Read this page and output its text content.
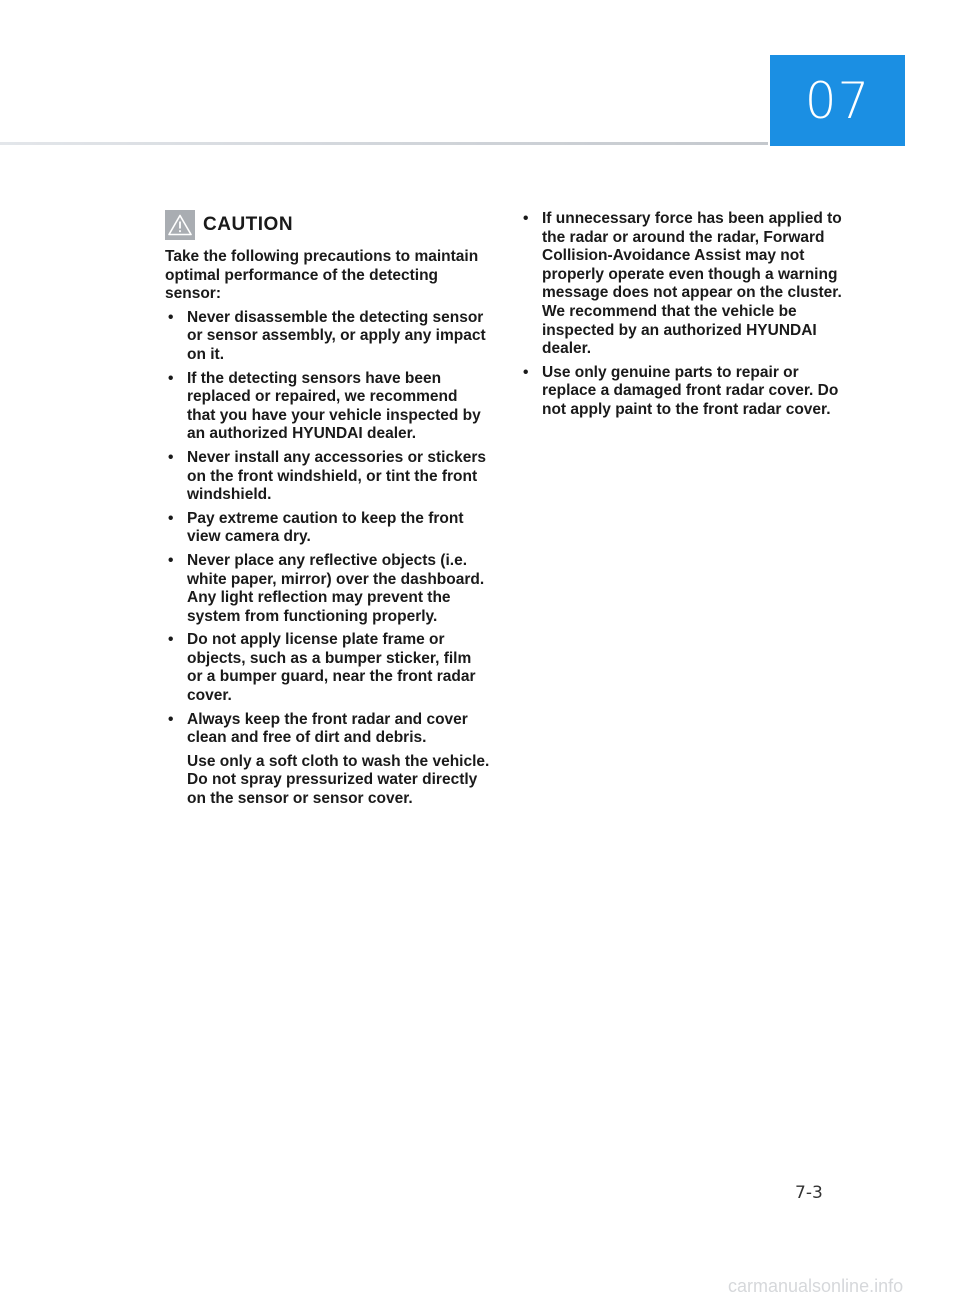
07
CAUTION

Take the following precautions to maintain optimal performance of the detecting sensor:

• Never disassemble the detecting sensor or sensor assembly, or apply any impact on it.
• If the detecting sensors have been replaced or repaired, we recommend that you have your vehicle inspected by an authorized HYUNDAI dealer.
• Never install any accessories or stickers on the front windshield, or tint the front windshield.
• Pay extreme caution to keep the front view camera dry.
• Never place any reflective objects (i.e. white paper, mirror) over the dashboard. Any light reflection may prevent the system from functioning properly.
• Do not apply license plate frame or objects, such as a bumper sticker, film or a bumper guard, near the front radar cover.
• Always keep the front radar and cover clean and free of dirt and debris.
Use only a soft cloth to wash the vehicle. Do not spray pressurized water directly on the sensor or sensor cover.
• If unnecessary force has been applied to the radar or around the radar, Forward Collision-Avoidance Assist may not properly operate even though a warning message does not appear on the cluster. We recommend that the vehicle be inspected by an authorized HYUNDAI dealer.
• Use only genuine parts to repair or replace a damaged front radar cover. Do not apply paint to the front radar cover.
7-3
carmanualsonline.info
